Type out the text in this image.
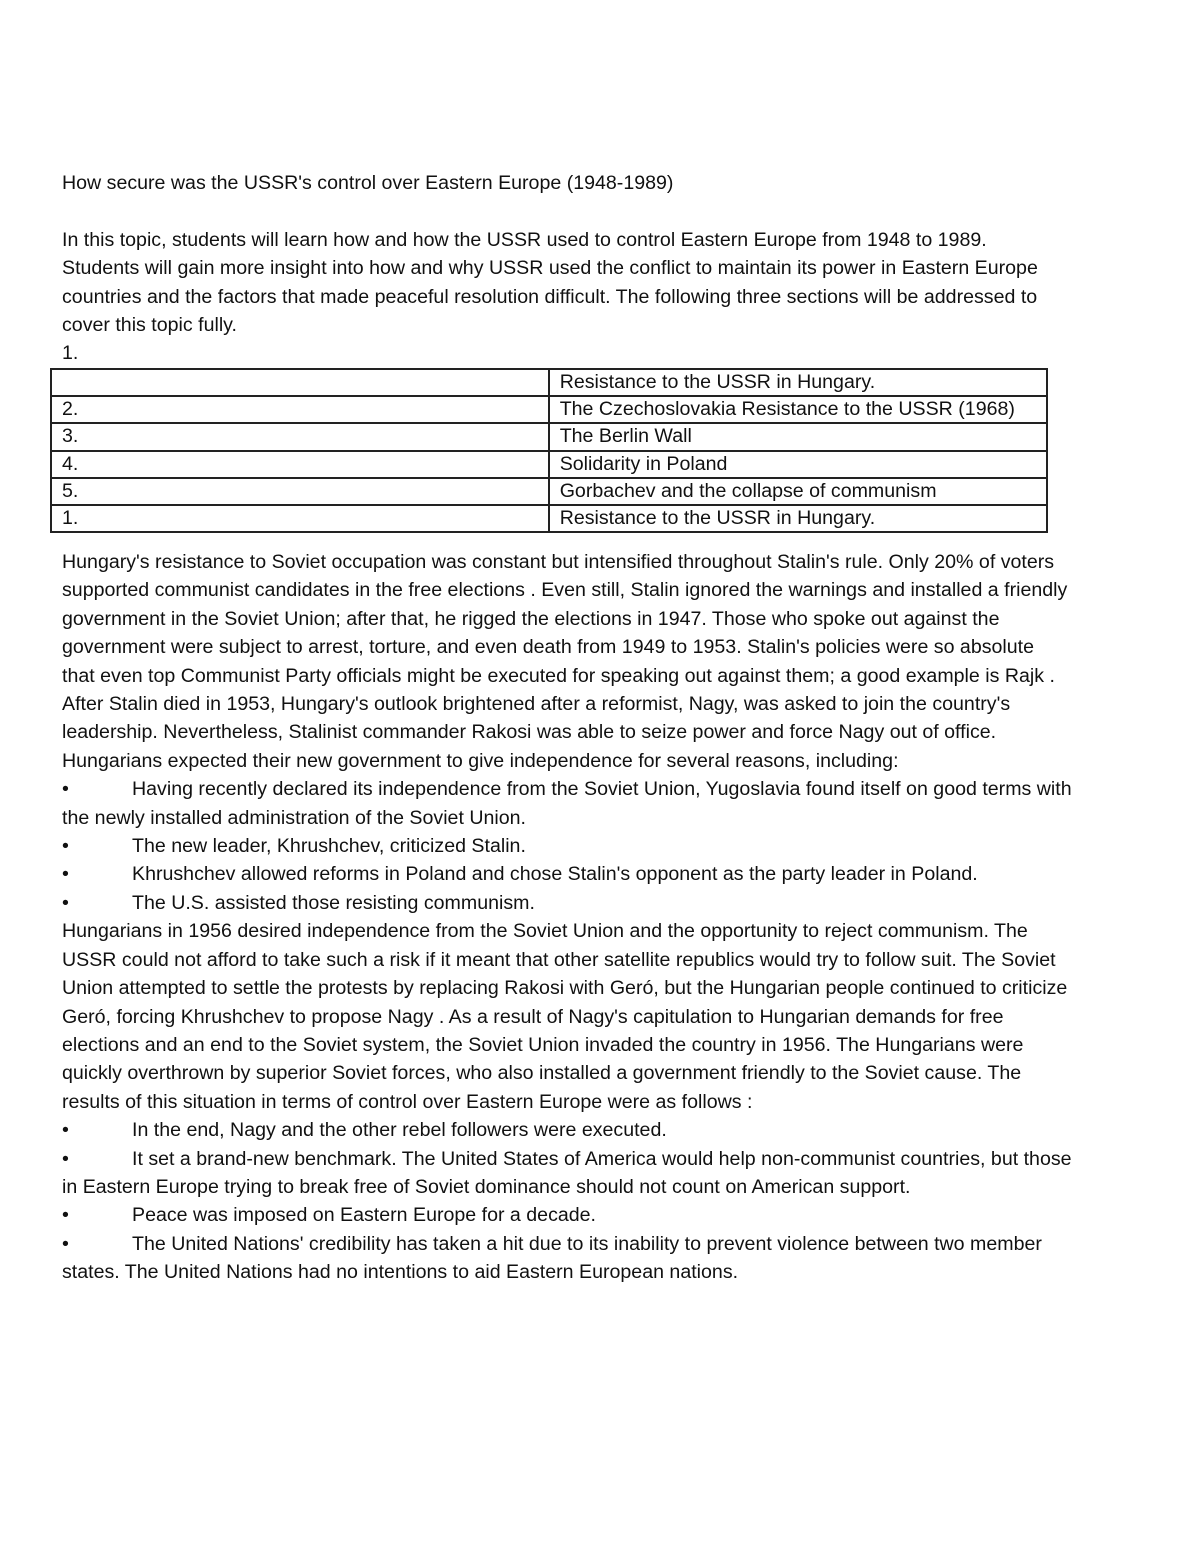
How secure was the USSR's control over Eastern Europe (1948-1989)

In this topic, students will learn how and how the USSR used to control Eastern Europe from 1948 to 1989. Students will gain more insight into how and why USSR used the conflict to maintain its power in Eastern Europe countries and the factors that made peaceful resolution difficult. The following three sections will be addressed to cover this topic fully.

1.

	Resistance to the USSR in Hungary.
2.	The Czechoslovakia Resistance to the USSR (1968)
3.	The Berlin Wall
4.	Solidarity in Poland
5.	Gorbachev and the collapse of communism
1.	Resistance to the USSR in Hungary.

Hungary's resistance to Soviet occupation was constant but intensified throughout Stalin's rule. Only 20% of voters supported communist candidates in the free elections . Even still, Stalin ignored the warnings and installed a friendly government in the Soviet Union; after that, he rigged the elections in 1947. Those who spoke out against the government were subject to arrest, torture, and even death from 1949 to 1953. Stalin's policies were so absolute that even top Communist Party officials might be executed for speaking out against them; a good example is Rajk . After Stalin died in 1953, Hungary's outlook brightened after a reformist, Nagy, was asked to join the country's leadership. Nevertheless, Stalinist commander Rakosi was able to seize power and force Nagy out of office. Hungarians expected their new government to give independence for several reasons, including:

•	Having recently declared its independence from the Soviet Union, Yugoslavia found itself on good terms with the newly installed administration of the Soviet Union.

•	The new leader, Khrushchev, criticized Stalin.

•	Khrushchev allowed reforms in Poland and chose Stalin's opponent as the party leader in Poland.

•	The U.S. assisted those resisting communism.

Hungarians in 1956 desired independence from the Soviet Union and the opportunity to reject communism. The USSR could not afford to take such a risk if it meant that other satellite republics would try to follow suit. The Soviet Union attempted to settle the protests by replacing Rakosi with Geró, but the Hungarian people continued to criticize Geró, forcing Khrushchev to propose Nagy . As a result of Nagy's capitulation to Hungarian demands for free elections and an end to the Soviet system, the Soviet Union invaded the country in 1956. The Hungarians were quickly overthrown by superior Soviet forces, who also installed a government friendly to the Soviet cause. The results of this situation in terms of control over Eastern Europe were as follows :

•	In the end, Nagy and the other rebel followers were executed.

•	It set a brand-new benchmark. The United States of America would help non-communist countries, but those in Eastern Europe trying to break free of Soviet dominance should not count on American support.

•	Peace was imposed on Eastern Europe for a decade.

•	The United Nations' credibility has taken a hit due to its inability to prevent violence between two member states. The United Nations had no intentions to aid Eastern European nations.
